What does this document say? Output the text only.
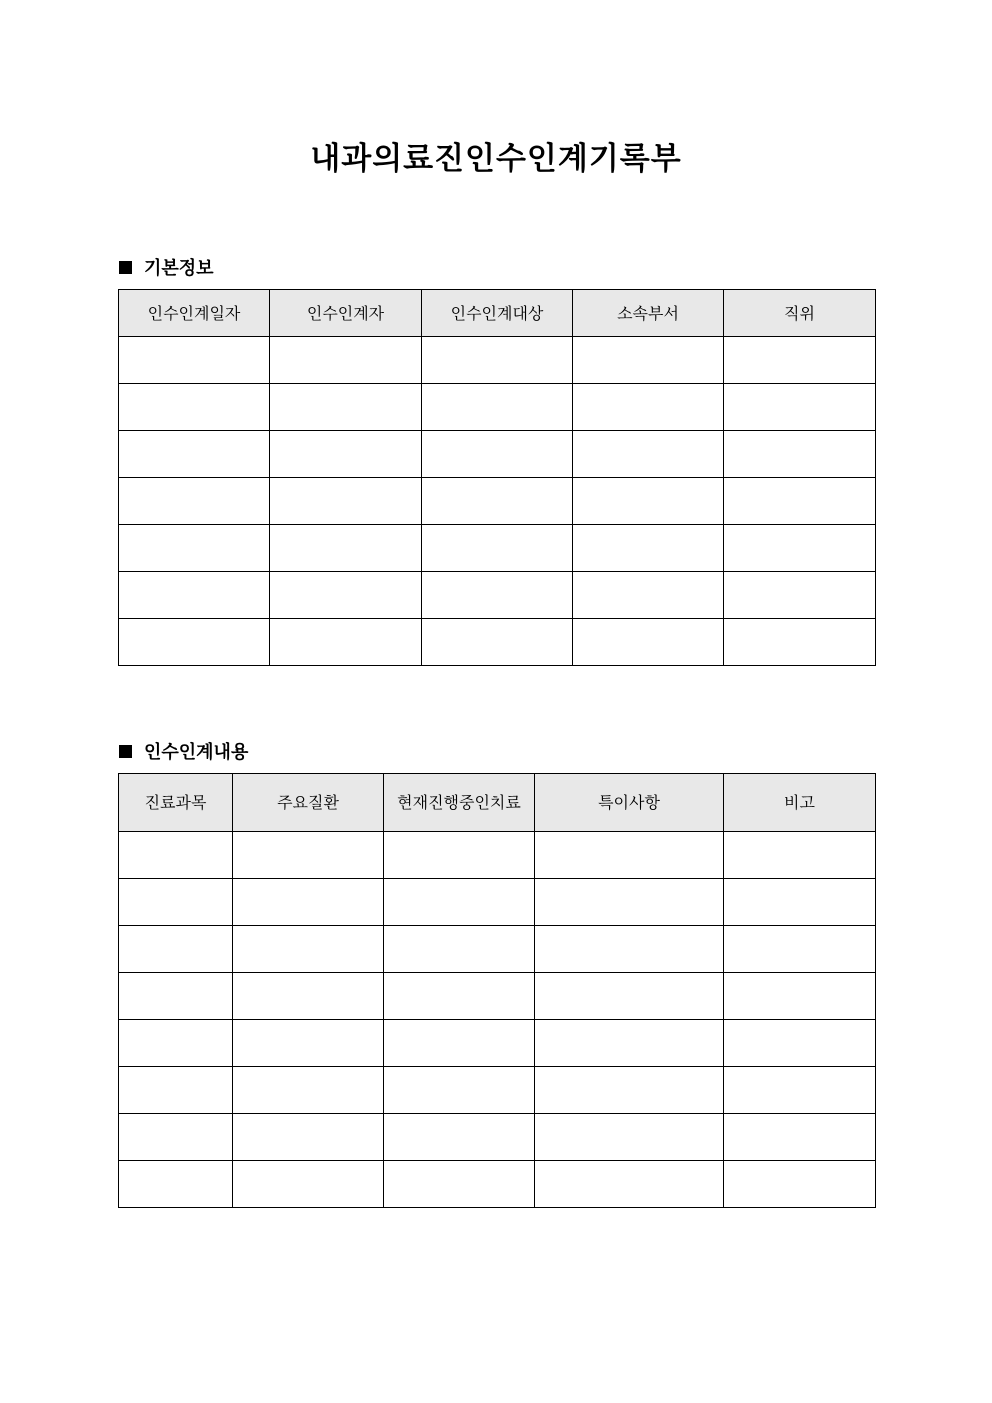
내과의료진인수인계기록부
기본정보
인수인계일자	인수인계자	인수인계대상	소속부서	직위

인수인계내용
진료과목	주요질환	현재진행중인치료	특이사항	비고
